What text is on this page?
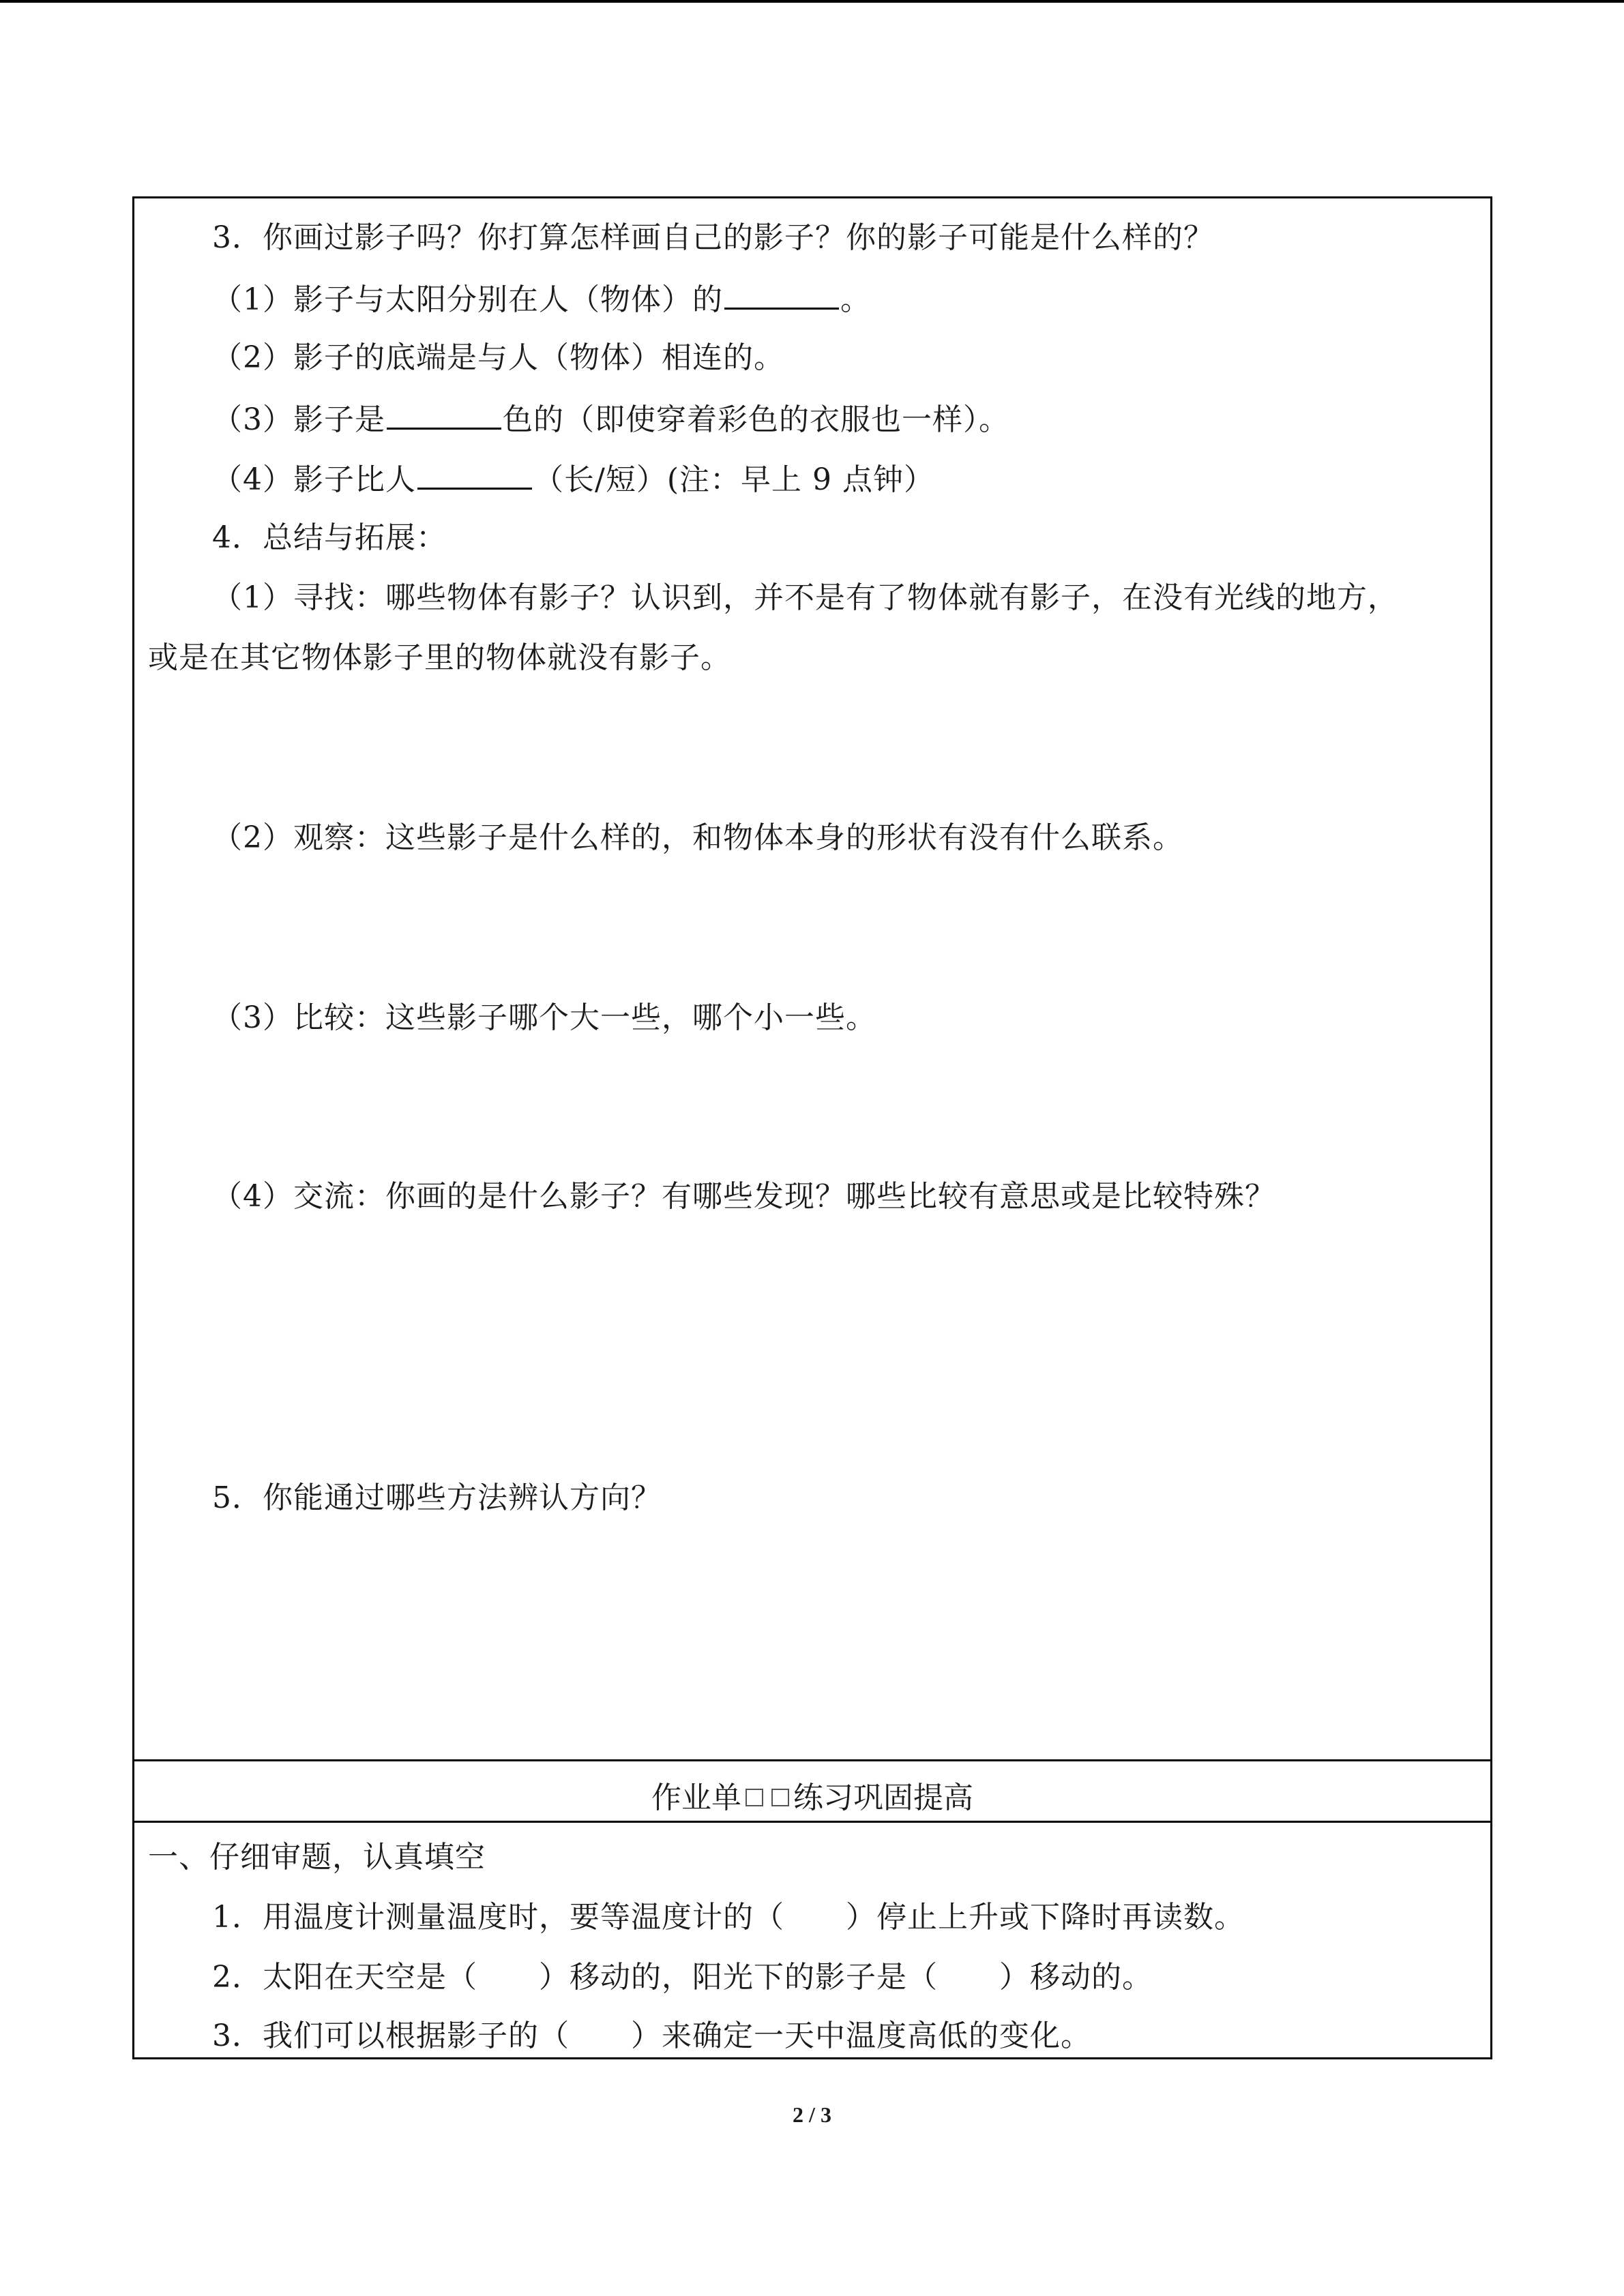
3．你画过影子吗？你打算怎样画自己的影子？你的影子可能是什么样的？
（1）影子与太阳分别在人（物体）的	。
（2）影子的底端是与人（物体）相连的。
（3）影子是	色的（即使穿着彩色的衣服也一样）。
（4）影子比人	（长/短）(注：早上 9 点钟）
4．总结与拓展：
（1）寻找：哪些物体有影子？认识到，并不是有了物体就有影子，在没有光线的地方，
或是在其它物体影子里的物体就没有影子。
（2）观察：这些影子是什么样的，和物体本身的形状有没有什么联系。
（3）比较：这些影子哪个大一些，哪个小一些。
（4）交流：你画的是什么影子？有哪些发现？哪些比较有意思或是比较特殊？
5．你能通过哪些方法辨认方向？
作业单 练习巩固提高
一、仔细审题，认真填空
1．用温度计测量温度时，要等温度计的（　　）停止上升或下降时再读数。
2．太阳在天空是（　　）移动的，阳光下的影子是（　　）移动的。
3．我们可以根据影子的（　　）来确定一天中温度高低的变化。
2 / 3
